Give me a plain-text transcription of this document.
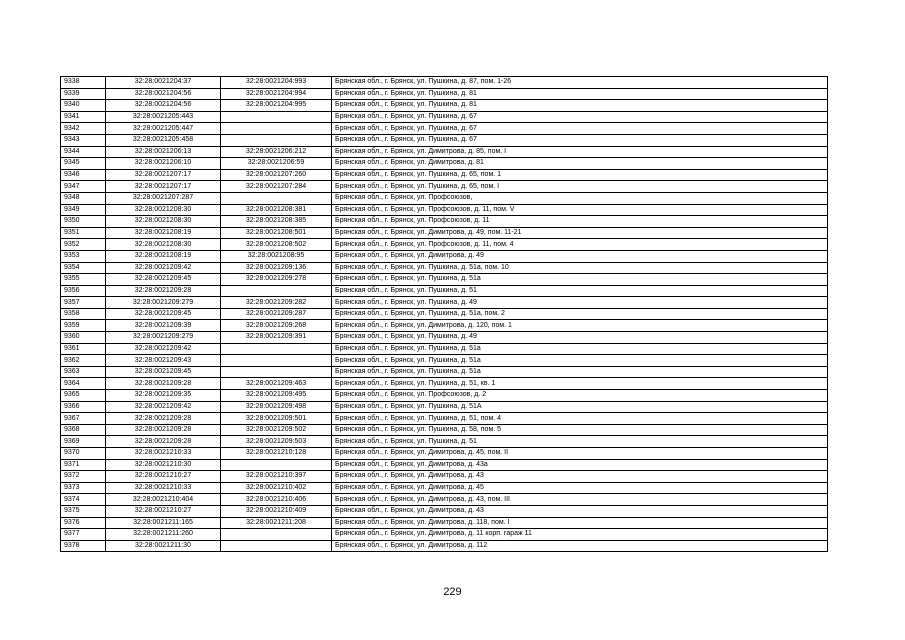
9338	32:28:0021204:37	32:28:0021204:993	Брянская обл., г. Брянск, ул. Пушкина, д. 87, пом. 1-26
9339	32:28:0021204:56	32:28:0021204:994	Брянская обл., г. Брянск, ул. Пушкина, д. 81
9340	32:28:0021204:56	32:28:0021204:995	Брянская обл., г. Брянск, ул. Пушкина, д. 81
9341	32:28:0021205:443		Брянская обл., г. Брянск, ул. Пушкина, д. 67
9342	32:28:0021205:447		Брянская обл., г. Брянск, ул. Пушкина, д. 67
9343	32:28:0021205:458		Брянская обл., г. Брянск, ул. Пушкина, д. 67
9344	32:28:0021206:13	32:28:0021206:212	Брянская обл., г. Брянск, ул. Димитрова, д. 85, пом. I
9345	32:28:0021206:10	32:28:0021206:59	Брянская обл., г. Брянск, ул. Димитрова, д. 81
9346	32:28:0021207:17	32:28:0021207:260	Брянская обл., г. Брянск, ул. Пушкина, д. 65, пом. 1
9347	32:28:0021207:17	32:28:0021207:284	Брянская обл., г. Брянск, ул. Пушкина, д. 65, пом. I
9348	32:28:0021207:287		Брянская обл., г. Брянск, ул. Профсоюзов,
9349	32:28:0021208:30	32:28:0021208:381	Брянская обл., г. Брянск, ул. Профсоюзов, д. 11, пом. V
9350	32:28:0021208:30	32:28:0021208:385	Брянская обл., г. Брянск, ул. Профсоюзов, д. 11
9351	32:28:0021208:19	32:28:0021208:501	Брянская обл., г. Брянск, ул. Димитрова, д. 49, пом. 11-21
9352	32:28:0021208:30	32:28:0021208:502	Брянская обл., г. Брянск, ул. Профсоюзов, д. 11, пом. 4
9353	32:28:0021208:19	32:28:0021208:95	Брянская обл., г. Брянск, ул. Димитрова, д. 49
9354	32:28:0021209:42	32:28:0021209:136	Брянская обл., г. Брянск, ул. Пушкина, д. 51а, пом. 10
9355	32:28:0021209:45	32:28:0021209:278	Брянская обл., г. Брянск, ул. Пушкина, д. 51а
9356	32:28:0021209:28		Брянская обл., г. Брянск, ул. Пушкина, д. 51
9357	32:28:0021209:279	32:28:0021209:282	Брянская обл., г. Брянск, ул. Пушкина, д. 49
9358	32:28:0021209:45	32:28:0021209:287	Брянская обл., г. Брянск, ул. Пушкина, д. 51а, пом. 2
9359	32:28:0021209:39	32:28:0021209:268	Брянская обл., г. Брянск, ул. Димитрова, д. 120, пом. 1
9360	32:28:0021209:279	32:28:0021209:391	Брянская обл., г. Брянск, ул. Пушкина, д. 49
9361	32:28:0021209:42		Брянская обл., г. Брянск, ул. Пушкина, д. 51а
9362	32:28:0021209:43		Брянская обл., г. Брянск, ул. Пушкина, д. 51а
9363	32:28:0021209:45		Брянская обл., г. Брянск, ул. Пушкина, д. 51а
9364	32:28:0021209:28	32:28:0021209:463	Брянская обл., г. Брянск, ул. Пушкина, д. 51, кв. 1
9365	32:28:0021209:35	32:28:0021209:495	Брянская обл., г. Брянск, ул. Профсоюзов, д. 2
9366	32:28:0021209:42	32:28:0021209:498	Брянская обл., г. Брянск, ул. Пушкина, д. 51А
9367	32:28:0021209:28	32:28:0021209:501	Брянская обл., г. Брянск, ул. Пушкина, д. 51, пом. 4
9368	32:28:0021209:28	32:28:0021209:502	Брянская обл., г. Брянск, ул. Пушкина, д. 58, пом. 5
9369	32:28:0021209:28	32:28:0021209:503	Брянская обл., г. Брянск, ул. Пушкина, д. 51
9370	32:28:0021210:33	32:28:0021210:128	Брянская обл., г. Брянск, ул. Димитрова, д. 45, пом. II
9371	32:28:0021210:30		Брянская обл., г. Брянск, ул. Димитрова, д. 43а
9372	32:28:0021210:27	32:28:0021210:397	Брянская обл., г. Брянск, ул. Димитрова, д. 43
9373	32:28:0021210:33	32:28:0021210:402	Брянская обл., г. Брянск, ул. Димитрова, д. 45
9374	32:28:0021210:404	32:28:0021210:406	Брянская обл., г. Брянск, ул. Димитрова, д. 43, пом. III
9375	32:28:0021210:27	32:28:0021210:409	Брянская обл., г. Брянск, ул. Димитрова, д. 43
9376	32:28:0021211:165	32:28:0021211:208	Брянская обл., г. Брянск, ул. Димитрова, д. 118, пом. I
9377	32:28:0021211:260		Брянская обл., г. Брянск, ул. Димитрова, д. 11 корп. гараж 11
9378	32:28:0021211:30		Брянская обл., г. Брянск, ул. Димитрова, д. 112
229
